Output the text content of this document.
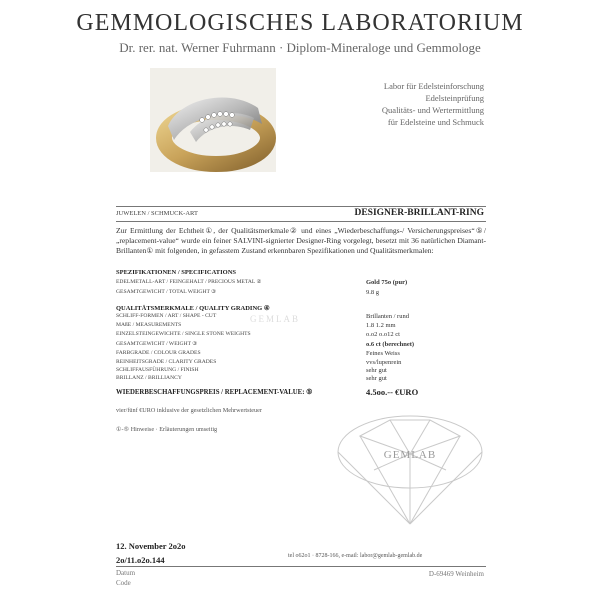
GEMMOLOGISCHES LABORATORIUM
Dr. rer. nat. Werner Fuhrmann · Diplom-Mineraloge und Gemmologe
Labor für Edelsteinforschung
Edelsteinprüfung
Qualitäts- und Wertermittlung
für Edelsteine und Schmuck
JUWELEN / SCHMUCK-ART	DESIGNER-BRILLANT-RING
Zur Ermittlung der Echtheit①, der Qualitätsmerkmale② und eines „Wiederbeschaffungs-/ Versicherungspreises“⑤/„replacement-value“ wurde ein feiner SALVINI-signierter Designer-Ring vorgelegt, besetzt mit 36 natürlichen Diamant-Brillanten① mit folgenden, in gefasstem Zustand erkennbaren Spezifikationen und Qualitätsmerkmalen:
SPEZIFIKATIONEN / SPECIFICATIONS
EDELMETALL-ART / FEINGEHALT / PRECIOUS METAL ②	Gold 75o (pur)
GESAMTGEWICHT / TOTAL WEIGHT ③	9.8 g
QUALITÄTSMERKMALE / QUALITY GRADING ④
GEMLAB
SCHLIFF-FORMEN / ART / SHAPE - CUT	Brillanten / rund
MAßE / MEASUREMENTS	1.8 1.2 mm
EINZELSTEINGEWICHTE / SINGLE STONE WEIGHTS	o.o2 o.o12 ct
GESAMTGEWICHT / WEIGHT ③	o.6 ct (berechnet)
FARBGRADE / COLOUR GRADES	Feines Weiss
REINHEITSGRADE / CLARITY GRADES	vvs/lupenrein
SCHLIFFAUSFÜHRUNG / FINISH	sehr gut
BRILLANZ / BRILLIANCY	sehr gut
WIEDERBESCHAFFUNGSPREIS / REPLACEMENT-VALUE: ⑤	4.5oo.-- €URO
vier/fünf €URO inklusive der gesetzlichen Mehrwertsteuer
①-⑤ Hinweise · Erläuterungen umseitig
GEMLAB
12. November 2o2o
2o/11.o2o.144	tel o62o1 · 8728-166, e-mail: labor@gemlab-gemlab.de
Datum
Code
D-69469 Weinheim
